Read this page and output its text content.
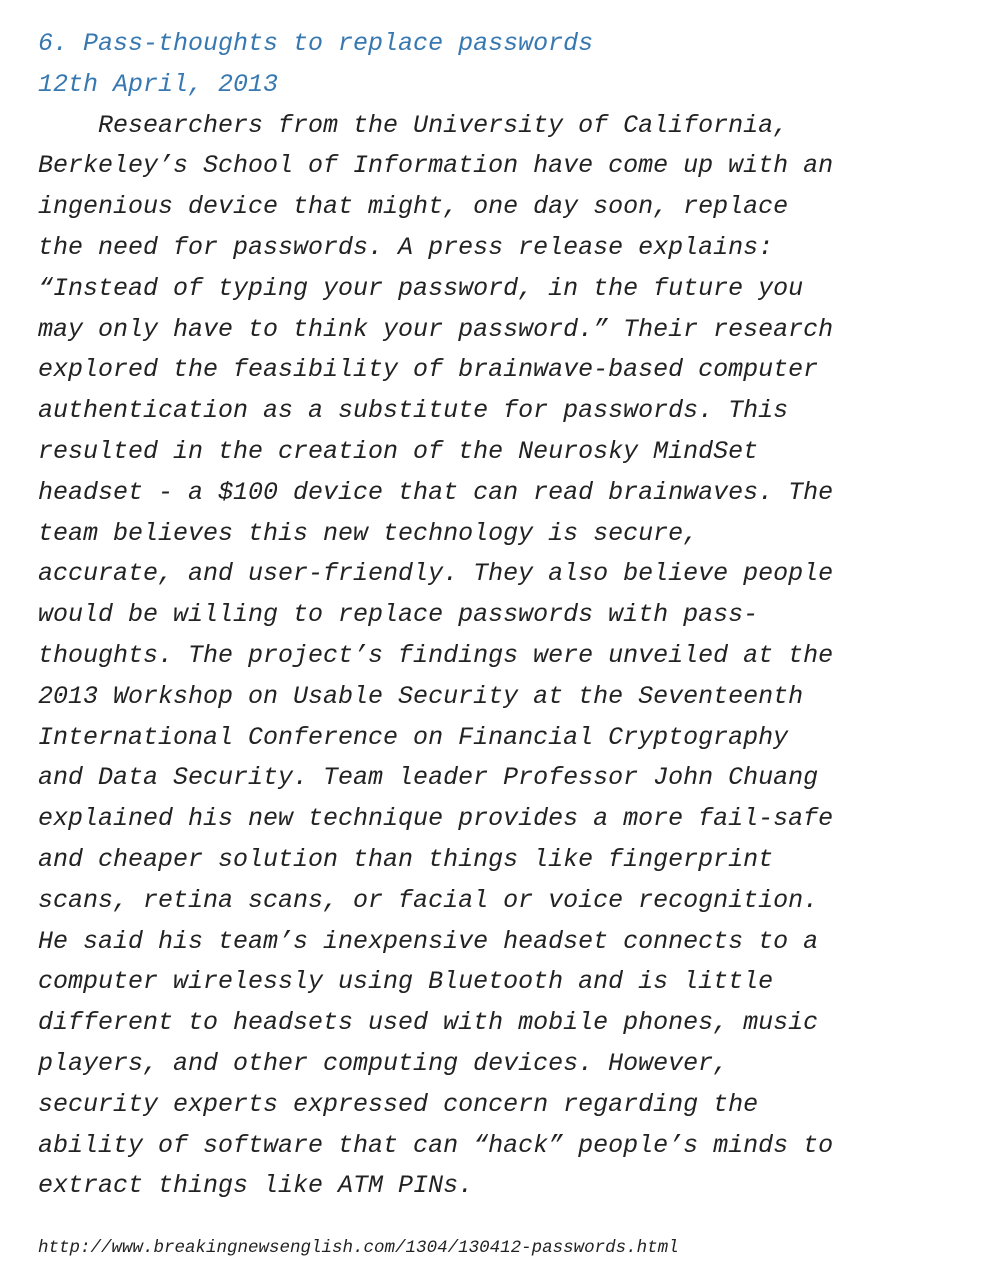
6. Pass-thoughts to replace passwords

12th April, 2013

Researchers from the University of California,
Berkeley’s School of Information have come up with an
ingenious device that might, one day soon, replace
the need for passwords. A press release explains:
“Instead of typing your password, in the future you
may only have to think your password.” Their research
explored the feasibility of brainwave-based computer
authentication as a substitute for passwords. This
resulted in the creation of the Neurosky MindSet
headset - a $100 device that can read brainwaves. The
team believes this new technology is secure,
accurate, and user-friendly. They also believe people
would be willing to replace passwords with pass-
thoughts. The project’s findings were unveiled at the
2013 Workshop on Usable Security at the Seventeenth
International Conference on Financial Cryptography
and Data Security. Team leader Professor John Chuang
explained his new technique provides a more fail-safe
and cheaper solution than things like fingerprint
scans, retina scans, or facial or voice recognition.
He said his team’s inexpensive headset connects to a
computer wirelessly using Bluetooth and is little
different to headsets used with mobile phones, music
players, and other computing devices. However,
security experts expressed concern regarding the
ability of software that can “hack” people’s minds to
extract things like ATM PINs.

http://www.breakingnewsenglish.com/1304/130412-passwords.html
